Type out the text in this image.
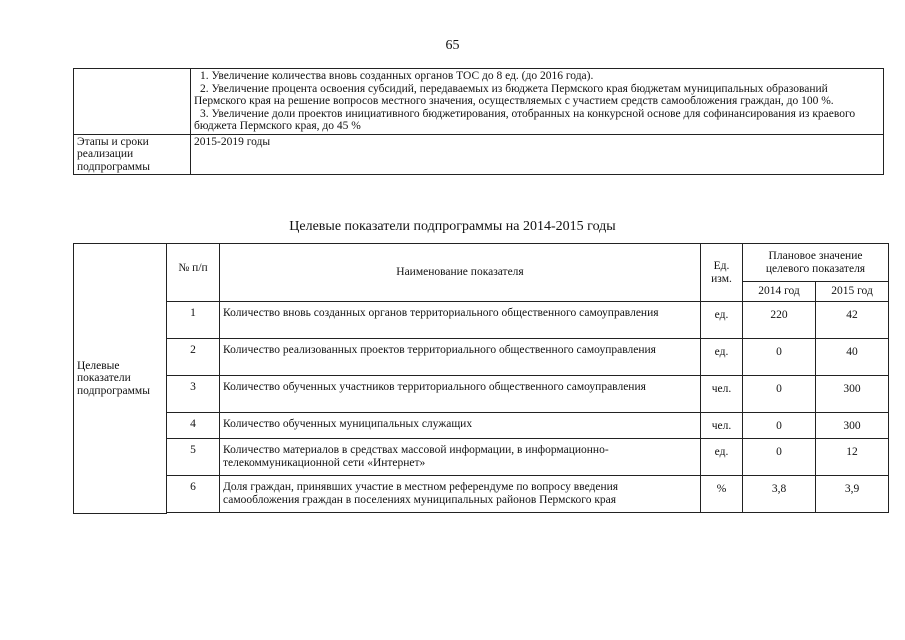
65

	1. Увеличение количества вновь созданных органов ТОС до 8 ед. (до 2016 года).
2. Увеличение процента освоения субсидий, передаваемых из бюджета Пермского края бюджетам муниципальных образований Пермского края на решение вопросов местного значения, осуществляемых с участием средств самообложения граждан, до 100 %.
3. Увеличение доли проектов инициативного бюджетирования, отобранных на конкурсной основе для софинансирования из краевого бюджета Пермского края, до 45 %

Этапы и сроки реализации подпрограммы	2015-2019 годы
Целевые показатели подпрограммы на 2014-2015 годы
Целевые показатели подпрограммы	№ п/п	Наименование показателя	Ед. изм.	Плановое значение целевого показателя	
				2014 год	2015 год
	1	Количество вновь созданных органов территориального общественного самоуправления	ед.	220	42
	2	Количество реализованных проектов территориального общественного самоуправления	ед.	0	40
	3	Количество обученных участников территориального общественного самоуправления	чел.	0	300
	4	Количество обученных муниципальных служащих	чел.	0	300
	5	Количество материалов в средствах массовой информации, в информационно-телекоммуникационной сети «Интернет»	ед.	0	12
	6	Доля граждан, принявших участие в местном референдуме по вопросу введения самообложения граждан в поселениях муниципальных районов Пермского края	%	3,8	3,9
